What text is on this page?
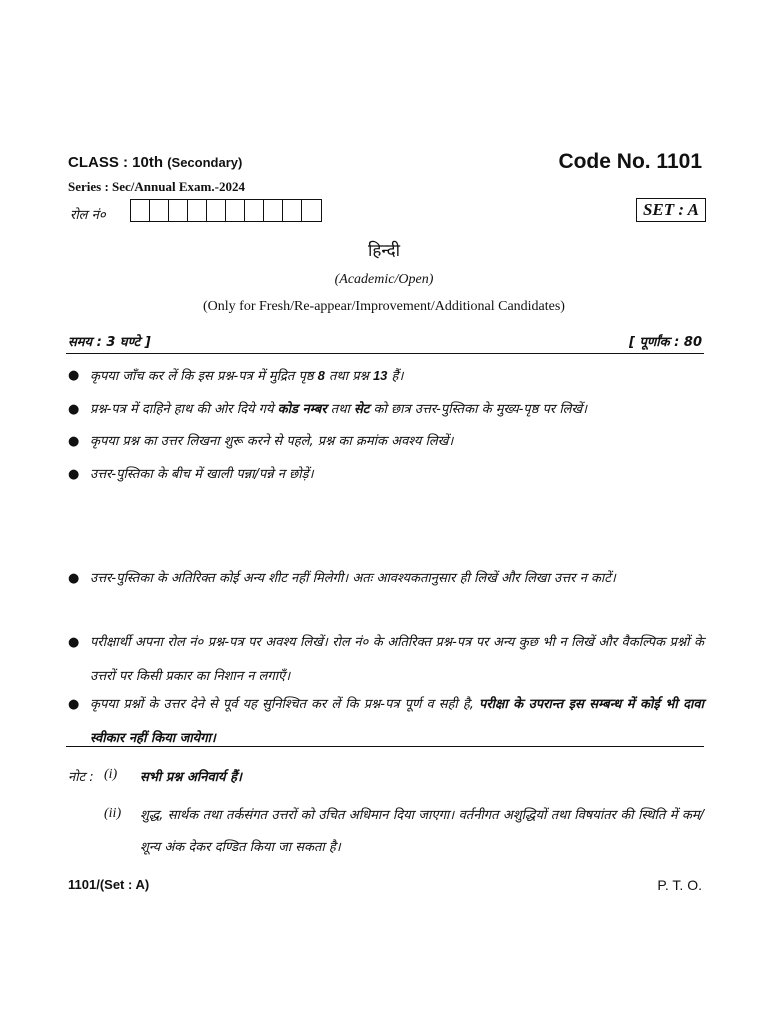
CLASS : 10th (Secondary)	Code No. 1101
Series : Sec/Annual Exam.-2024
रोल नं०	SET : A
हिन्दी
(Academic/Open)
(Only for Fresh/Re-appear/Improvement/Additional Candidates)
समय : 3 घण्टे ]	[ पूर्णांक : 80
● कृपया जाँच कर लें कि इस प्रश्न-पत्र में मुद्रित पृष्ठ 8 तथा प्रश्न 13 हैं।
● प्रश्न-पत्र में दाहिने हाथ की ओर दिये गये कोड नम्बर तथा सेट को छात्र उत्तर-पुस्तिका के मुख्य-पृष्ठ पर लिखें।
● कृपया प्रश्न का उत्तर लिखना शुरू करने से पहले, प्रश्न का क्रमांक अवश्य लिखें।
● उत्तर-पुस्तिका के बीच में खाली पन्ना/पन्ने न छोड़ें।
● उत्तर-पुस्तिका के अतिरिक्त कोई अन्य शीट नहीं मिलेगी। अतः आवश्यकतानुसार ही लिखें और लिखा उत्तर न काटें।
● परीक्षार्थी अपना रोल नं० प्रश्न-पत्र पर अवश्य लिखें। रोल नं० के अतिरिक्त प्रश्न-पत्र पर अन्य कुछ भी न लिखें और वैकल्पिक प्रश्नों के उत्तरों पर किसी प्रकार का निशान न लगाएँ।
● कृपया प्रश्नों के उत्तर देने से पूर्व यह सुनिश्चित कर लें कि प्रश्न-पत्र पूर्ण व सही है, परीक्षा के उपरान्त इस सम्बन्ध में कोई भी दावा स्वीकार नहीं किया जायेगा।
नोट : (i) सभी प्रश्न अनिवार्य हैं।
(ii) शुद्ध, सार्थक तथा तर्कसंगत उत्तरों को उचित अधिमान दिया जाएगा। वर्तनीगत अशुद्धियों तथा विषयांतर की स्थिति में कम/शून्य अंक देकर दण्डित किया जा सकता है।
1101/(Set : A)	P. T. O.
